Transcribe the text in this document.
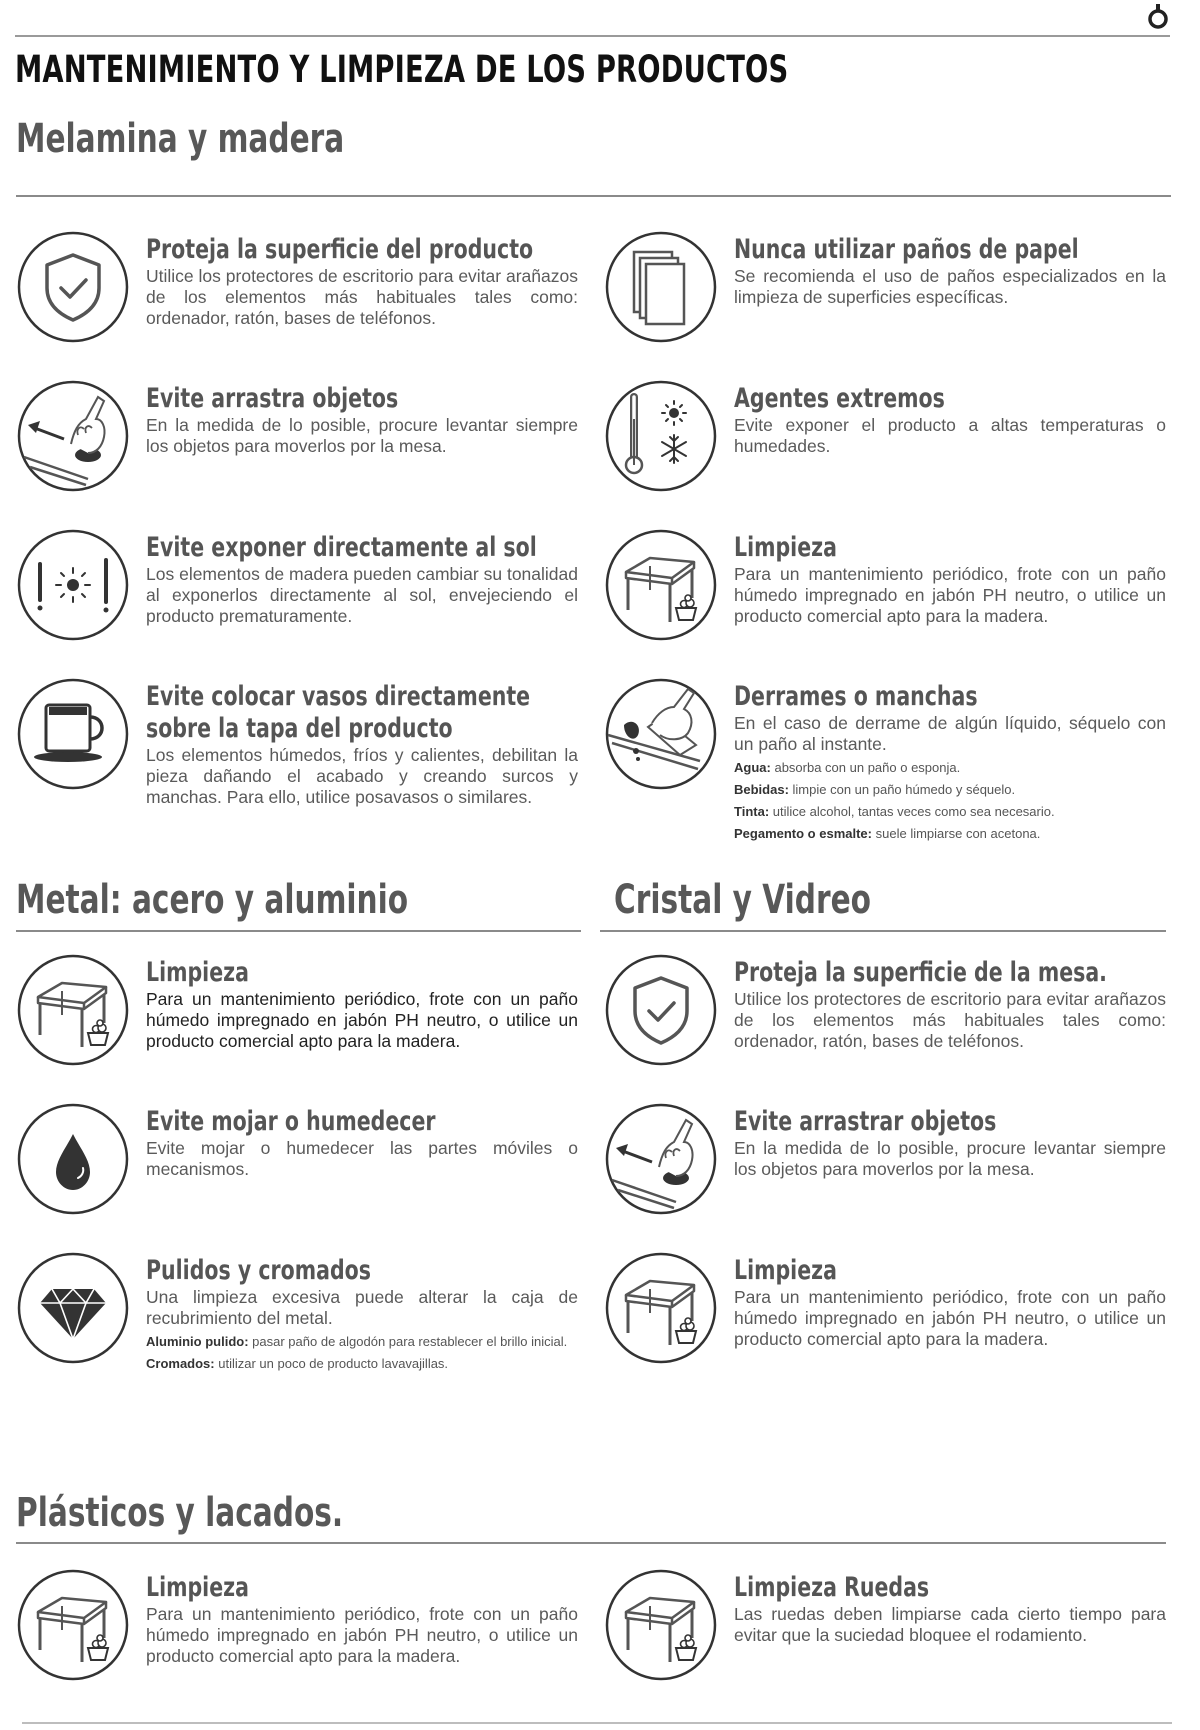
MANTENIMIENTO Y LIMPIEZA DE LOS PRODUCTOS
Melamina y madera
Proteja la superficie del producto

Utilice los protectores de escritorio para evitar arañazos de los elementos más habituales tales como: ordenador, ratón, bases de teléfonos.

Nunca utilizar paños de papel

Se recomienda el uso de paños especializados en la limpieza de superficies específicas.

Evite arrastra objetos

En la medida de lo posible, procure levantar siempre los objetos para moverlos por la mesa.

Agentes extremos

Evite exponer el producto a altas temperaturas o humedades.

Evite exponer directamente al sol

Los elementos de madera pueden cambiar su tonalidad al exponerlos directamente al sol, envejeciendo el producto prematuramente.

Limpieza

Para un mantenimiento periódico, frote con un paño húmedo impregnado en jabón PH neutro, o utilice un producto comercial apto para la madera.

Evite colocar vasos directamente sobre la tapa del producto

Los elementos húmedos, fríos y calientes, debilitan la pieza dañando el acabado y creando surcos y manchas. Para ello, utilice posavasos o similares.

Derrames o manchas

En el caso de derrame de algún líquido, séquelo con un paño al instante.

Agua: absorba con un paño o esponja.
Bebidas: limpie con un paño húmedo y séquelo.
Tinta: utilice alcohol, tantas veces como sea necesario.
Pegamento o esmalte: suele limpiarse con acetona.
Metal: acero y aluminio	Cristal y Vidreo
Limpieza

Para un mantenimiento periódico, frote con un paño húmedo impregnado en jabón PH neutro, o utilice un producto comercial apto para la madera.

Proteja la superficie de la mesa.

Utilice los protectores de escritorio para evitar arañazos de los elementos más habituales tales como: ordenador, ratón, bases de teléfonos.

Evite mojar o humedecer

Evite mojar o humedecer las partes móviles o mecanismos.

Evite arrastrar objetos

En la medida de lo posible, procure levantar siempre los objetos para moverlos por la mesa.

Pulidos y cromados

Una limpieza excesiva puede alterar la caja de recubrimiento del metal.

Aluminio pulido: pasar paño de algodón para restablecer el brillo inicial.
Cromados: utilizar un poco de producto lavavajillas.
Limpieza

Para un mantenimiento periódico, frote con un paño húmedo impregnado en jabón PH neutro, o utilice un producto comercial apto para la madera.

Plásticos y lacados.
Limpieza

Para un mantenimiento periódico, frote con un paño húmedo impregnado en jabón PH neutro, o utilice un producto comercial apto para la madera.

Limpieza Ruedas

Las ruedas deben limpiarse cada cierto tiempo para evitar que la suciedad bloquee el rodamiento.
